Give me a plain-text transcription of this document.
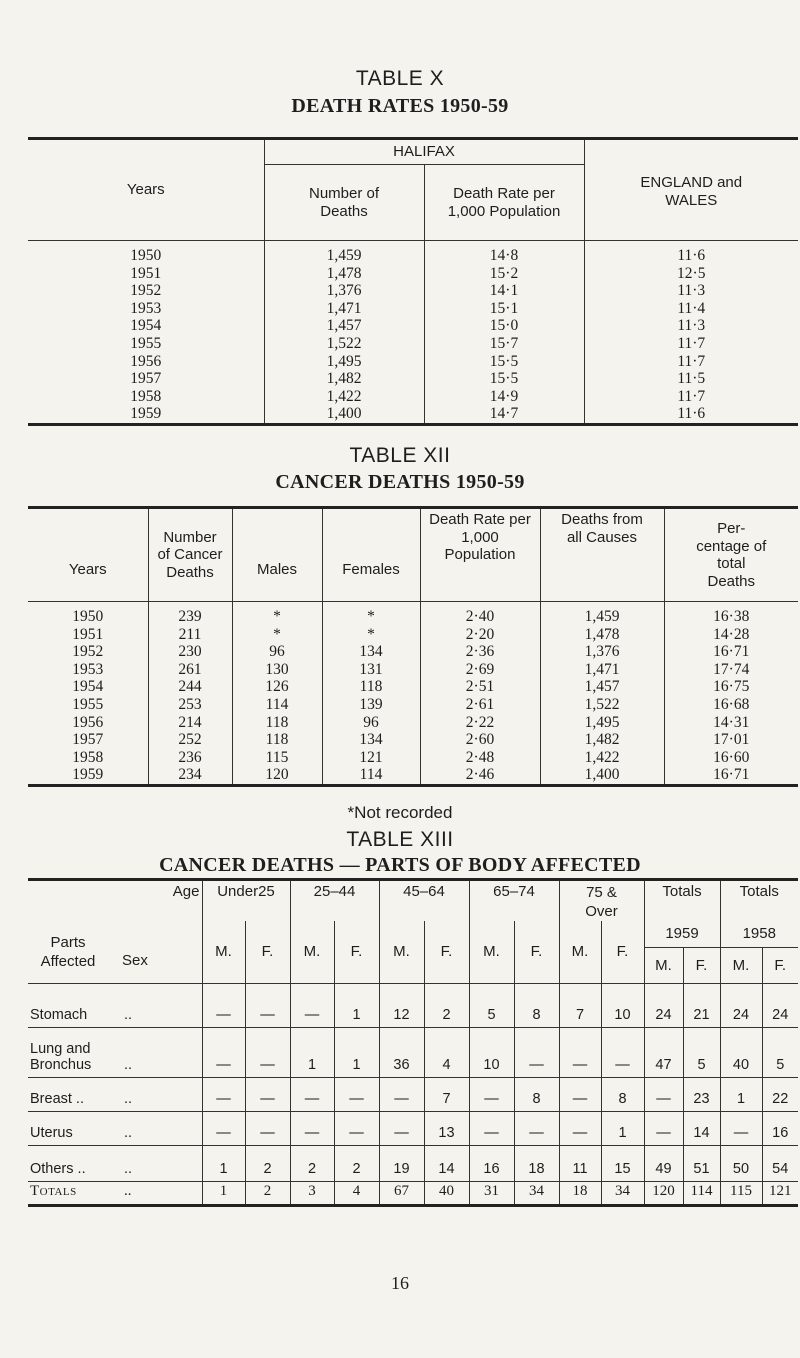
TABLE X
DEATH RATES 1950-59
Years	HALIFAX		ENGLAND and WALES

	Number of Deaths	Death Rate per 1,000 Population	

1950	1,459	14·8	11·6
1951	1,478	15·2	12·5
1952	1,376	14·1	11·3
1953	1,471	15·1	11·4
1954	1,457	15·0	11·3
1955	1,522	15·7	11·7
1956	1,495	15·5	11·7
1957	1,482	15·5	11·5
1958	1,422	14·9	11·7
1959	1,400	14·7	11·6
TABLE XII
CANCER DEATHS 1950-59
Years	Number of Cancer Deaths	Males	Females	Death Rate per 1,000 Population	Deaths from all Causes	Per- centage of total Deaths

1950	239	*	*	2·40	1,459	16·38
1951	211	*	*	2·20	1,478	14·28
1952	230	96	134	2·36	1,376	16·71
1953	261	130	131	2·69	1,471	17·74
1954	244	126	118	2·51	1,457	16·75
1955	253	114	139	2·61	1,522	16·68
1956	214	118	96	2·22	1,495	14·31
1957	252	118	134	2·60	1,482	17·01
1958	236	115	121	2·48	1,422	16·60
1959	234	120	114	2·46	1,400	16·71
*Not recorded
TABLE XIII
CANCER DEATHS — PARTS OF BODY AFFECTED
	Age	Under25		25–44		45–64		65–74		75 & Over		Totals		Totals	

Parts Affected	Sex	M.	F.	M.	F.	M.	F.	M.	F.	M.	F.	1959		1958	
												M.	F.	M.	F.
Stomach	..	—	—	—	1	12	2	5	8	7	10	24	21	24	24

Lung and
Bronchus	..	—	—	1	1	36	4	10	—	—	—	47	5	40	5
Breast ..	..	—	—	—	—	—	7	—	8	—	8	—	23	1	22
Uterus	..	—	—	—	—	—	13	—	—	—	1	—	14	—	16
Others ..	..	1	2	2	2	19	14	16	18	11	15	49	51	50	54
Totals	..	1	2	3	4	67	40	31	34	18	34	120	114	115	121
16
